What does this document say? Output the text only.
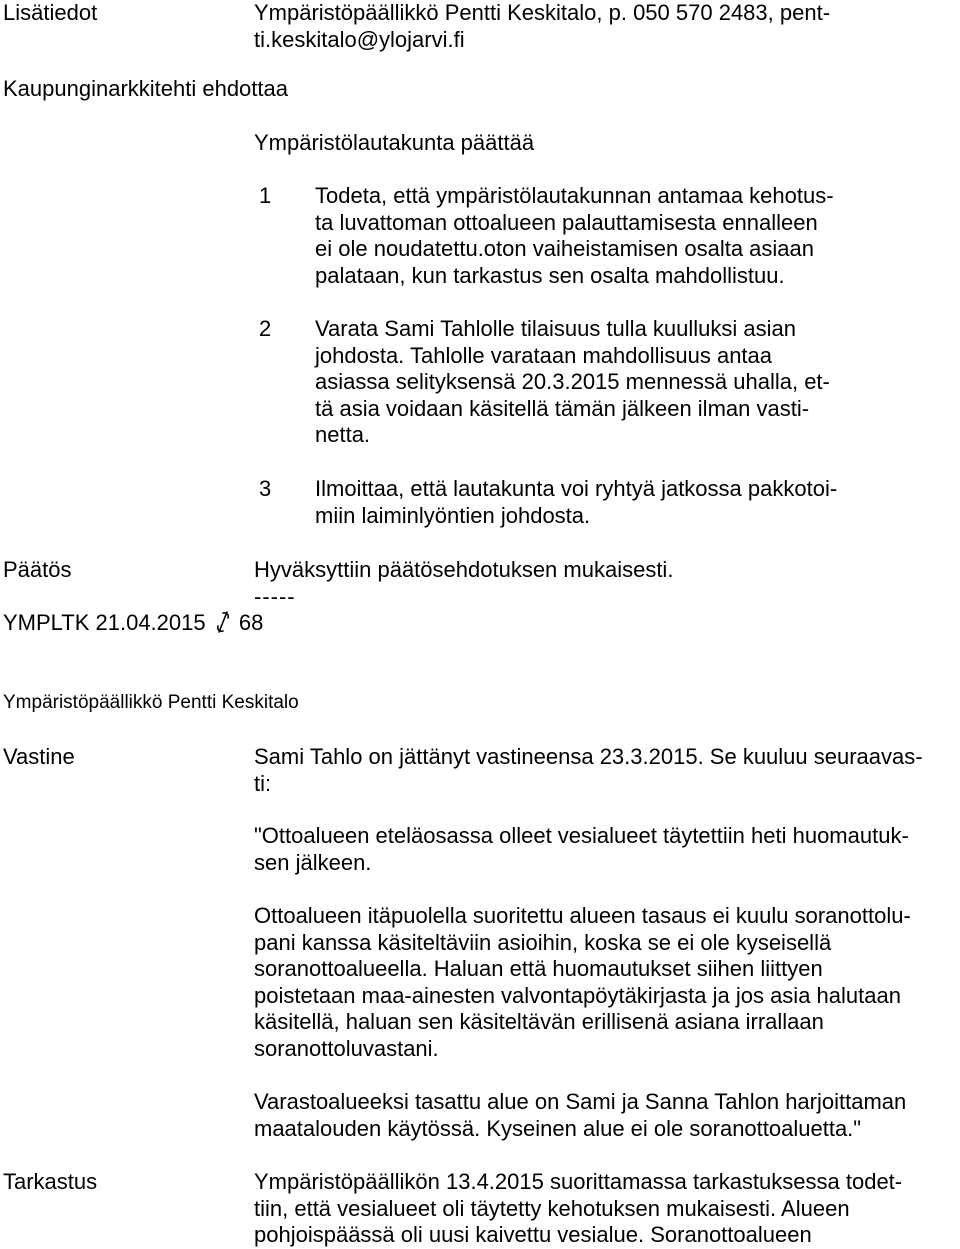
Lisätiedot	Ympäristöpäällikkö Pentti Keskitalo, p. 050 570 2483, pent-
ti.keskitalo@ylojarvi.fi
Kaupunginarkkitehti ehdottaa
Ympäristölautakunta päättää
1 Todeta, että ympäristölautakunnan antamaa kehotus-
ta luvattoman ottoalueen palauttamisesta ennalleen
ei ole noudatettu.oton vaiheistamisen osalta asiaan
palataan, kun tarkastus sen osalta mahdollistuu.
2 Varata Sami Tahlolle tilaisuus tulla kuulluksi asian
johdosta. Tahlolle varataan mahdollisuus antaa
asiassa selityksensä 20.3.2015 mennessä uhalla, et-
tä asia voidaan käsitellä tämän jälkeen ilman vasti-
netta.
3 Ilmoittaa, että lautakunta voi ryhtyä jatkossa pakkotoi-
miin laiminlyöntien johdosta.
Päätös	Hyväksyttiin päätösehdotuksen mukaisesti.
-----
YMPLTK 21.04.2015 68
Ympäristöpäällikkö Pentti Keskitalo
Vastine	Sami Tahlo on jättänyt vastineensa 23.3.2015. Se kuuluu seuraavas-
ti:
"Ottoalueen eteläosassa olleet vesialueet täytettiin heti huomautuk-
sen jälkeen.
Ottoalueen itäpuolella suoritettu alueen tasaus ei kuulu soranottolu-
pani kanssa käsiteltäviin asioihin, koska se ei ole kyseisellä
soranottoalueella. Haluan että huomautukset siihen liittyen
poistetaan maa-ainesten valvontapöytäkirjasta ja jos asia halutaan
käsitellä, haluan sen käsiteltävän erillisenä asiana irrallaan
soranottoluvastani.
Varastoalueeksi tasattu alue on Sami ja Sanna Tahlon harjoittaman
maatalouden käytössä. Kyseinen alue ei ole soranottoaluetta."
Tarkastus	Ympäristöpäällikön 13.4.2015 suorittamassa tarkastuksessa todet-
tiin, että vesialueet oli täytetty kehotuksen mukaisesti. Alueen
pohjoispäässä oli uusi kaivettu vesialue. Soranottoalueen
